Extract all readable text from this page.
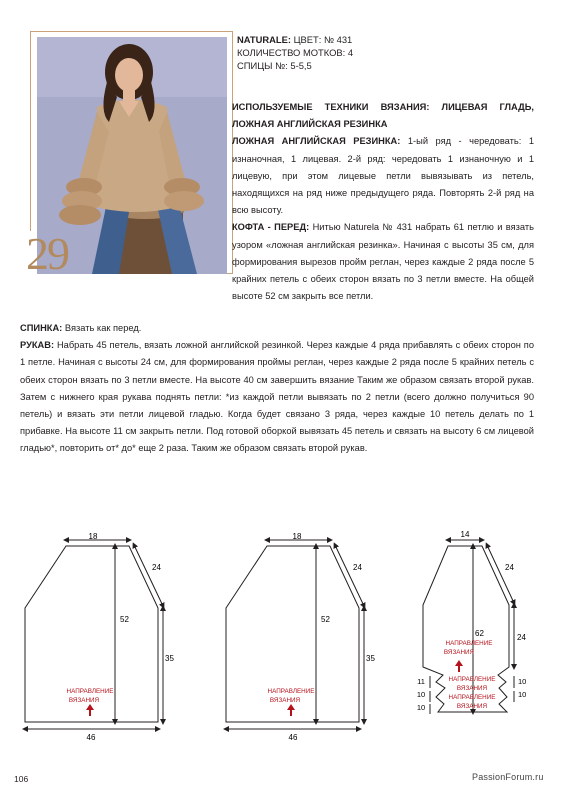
29
NATURALE: ЦВЕТ: № 431
КОЛИЧЕСТВО МОТКОВ: 4
СПИЦЫ №: 5-5,5

ИСПОЛЬЗУЕМЫЕ ТЕХНИКИ ВЯЗАНИЯ: ЛИЦЕВАЯ ГЛАДЬ, ЛОЖНАЯ АНГЛИЙСКАЯ РЕЗИНКА

ЛОЖНАЯ АНГЛИЙСКАЯ РЕЗИНКА: 1-ый ряд - чередовать: 1 изнаночная, 1 лицевая. 2-й ряд: чередовать 1 изнаночную и 1 лицевую, при этом лицевые петли вывязывать из петель, находящихся на ряд ниже предыдущего ряда. Повторять 2-й ряд на всю высоту.

КОФТА - ПЕРЕД: Нитью Naturela № 431 набрать 61 петлю и вязать узором «ложная английская резинка». Начиная с высоты 35 см, для формирования вырезов пройм реглан, через каждые 2 ряда после 5 крайних петель с обеих сторон вязать по 3 петли вместе. На общей высоте 52 см закрыть все петли.

СПИНКА: Вязать как перед.

РУКАВ: Набрать 45 петель, вязать ложной английской резинкой. Через каждые 4 ряда прибавлять с обеих сторон по 1 петле. Начиная с высоты 24 см, для формирования проймы реглан, через каждые 2 ряда после 5 крайних петель с обеих сторон вязать по 3 петли вместе. На высоте 40 см завершить вязание Таким же образом связать второй рукав. Затем с нижнего края рукава поднять петли: *из каждой петли вывязать по 2 петли (всего должно получиться 90 петель) и вязать эти петли лицевой гладью. Когда будет связано 3 ряда, через каждые 10 петель делать по 1 прибавке. На высоте 11 см закрыть петли. Под готовой оборкой вывязать 45 петель и связать на высоту 6 см лицевой гладью*, повторить от* до* еще 2 раза. Таким же образом связать второй рукав.

18
24
52
35
46
НАПРАВЛЕНИЕ
ВЯЗАНИЯ
18
24
52
35
46
НАПРАВЛЕНИЕ
ВЯЗАНИЯ
14
24
62	24
11
10
10
10
10
НАПРАВЛЕНИЕ
ВЯЗАНИЯ
НАПРАВЛЕНИЕ
ВЯЗАНИЯ
НАПРАВЛЕНИЕ
ВЯЗАНИЯ
106	PassionForum.ru
